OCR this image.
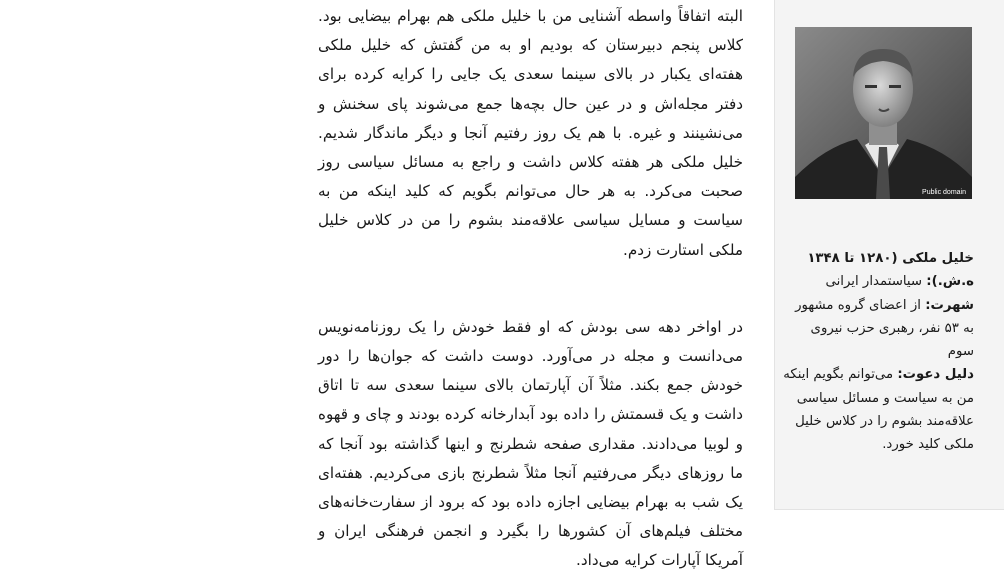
البته اتفاقاً واسطه آشنایی من با خلیل ملکی هم بهرام بیضایی بود. کلاس پنجم دبیرستان که بودیم او به من گفتش که خلیل ملکی هفته‌ای یکبار در بالای سینما سعدی یک جایی را کرایه کرده برای دفتر مجله‌اش و در عین حال بچه‌ها جمع می‌شوند پای سخنش و می‌نشینند و غیره. با هم یک روز رفتیم آنجا و دیگر ماندگار شدیم. خلیل ملکی هر هفته کلاس داشت و راجع به مسائل سیاسی روز صحبت می‌کرد. به هر حال می‌توانم بگویم که کلید اینکه من به سیاست و مسایل سیاسی علاقه‌مند بشوم را من در کلاس خلیل ملکی استارت زدم.

در اواخر دهه سی بودش که او فقط خودش را یک روزنامه‌نویس می‌دانست و مجله در می‌آورد. دوست داشت که جوان‌ها را دور خودش جمع بکند. مثلاً آن آپارتمان بالای سینما سعدی سه تا اتاق داشت و یک قسمتش را داده بود آبدارخانه کرده بودند و چای و قهوه و لوبیا می‌دادند. مقداری صفحه شطرنج و اینها گذاشته بود آنجا که ما روزهای دیگر می‌رفتیم آنجا مثلاً شطرنج بازی می‌کردیم. هفته‌ای یک شب به بهرام بیضایی اجازه داده بود که برود از سفارت‌خانه‌های مختلف فیلم‌های آن کشورها را بگیرد و انجمن فرهنگی ایران و آمریکا آپارات کرایه می‌داد.

Public domain

خلیل ملکی (۱۲۸۰ تا ۱۳۴۸ ه.ش.): سیاستمدار ایرانی

شهرت: از اعضای گروه مشهور به ۵۳ نفر، رهبری حزب نیروی سوم

دلیل دعوت: می‌توانم بگویم اینکه من به سیاست و مسائل سیاسی علاقه‌مند بشوم را در کلاس خلیل ملکی کلید خورد.
